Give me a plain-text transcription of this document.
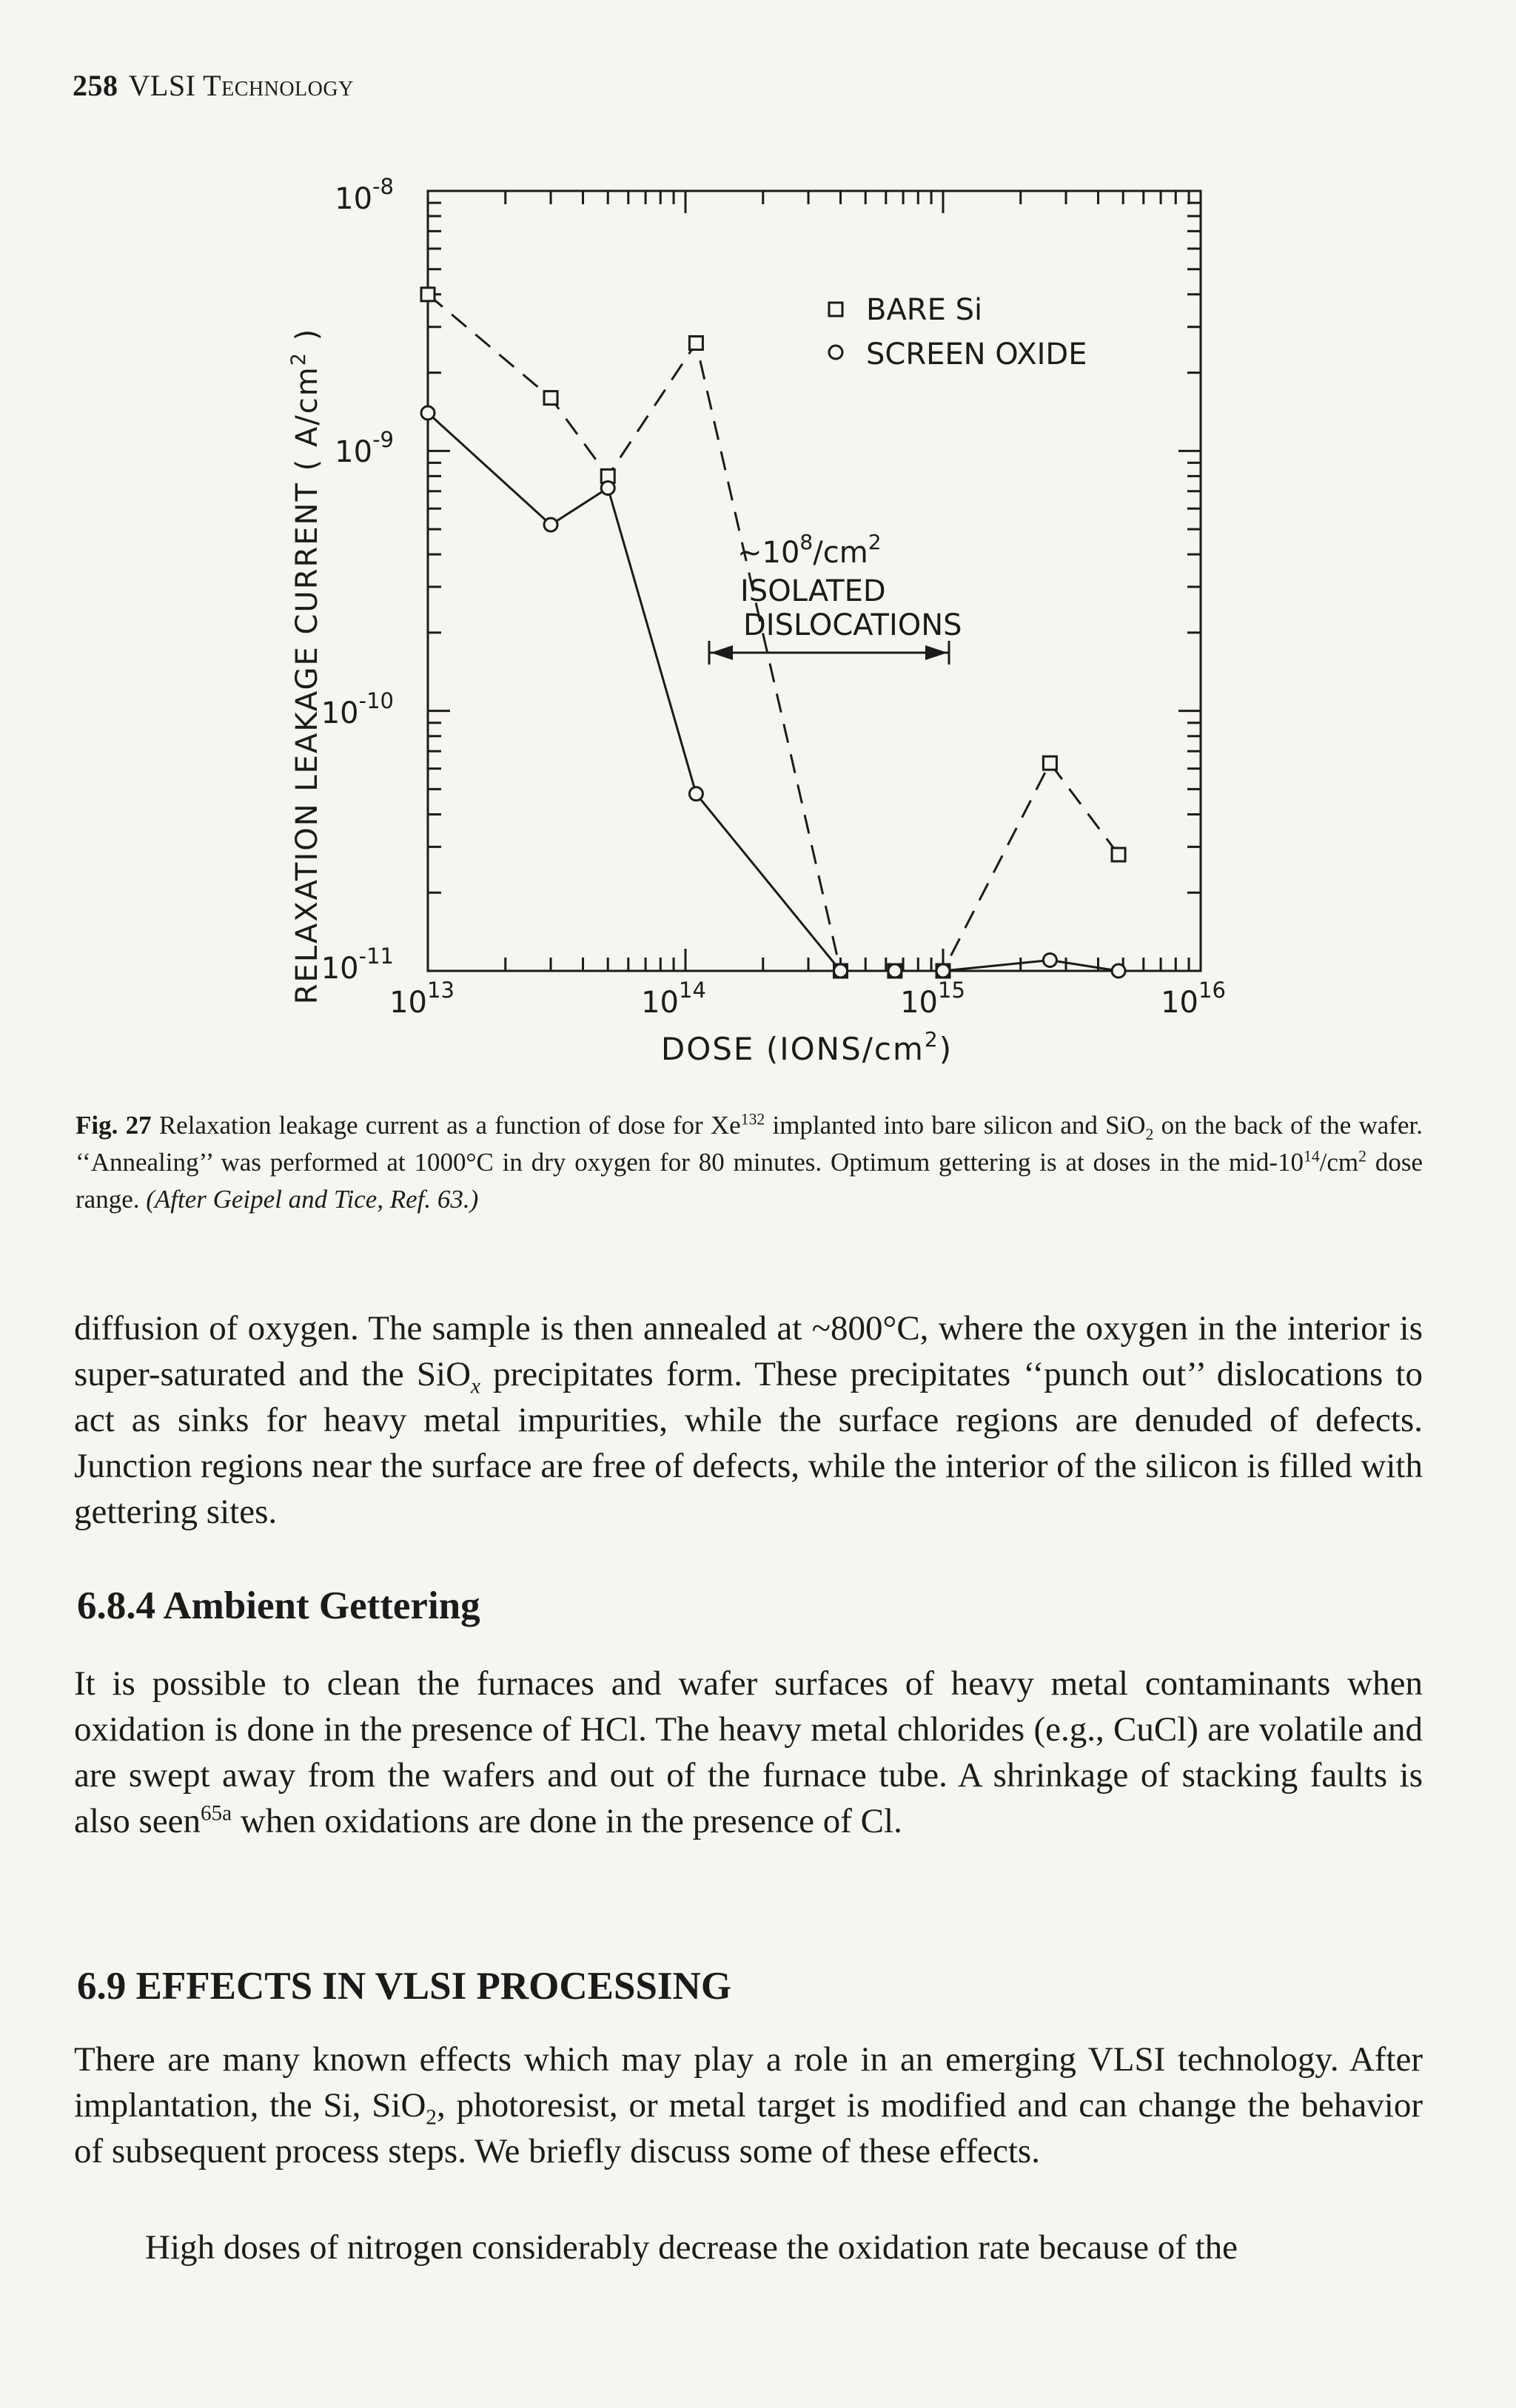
258 VLSI Technology
RELAXATION LEAKAGE CURRENT ( $A/cm^2$ )
$10^{-8}$
$10^{-9}$
$10^{-10}$
$10^{-11}$
$10^{13}$	$10^{14}$	$10^{15}$	$10^{16}$
DOSE $(IONS/cm^2)$
BARE Si
SCREEN OXIDE
$\sim 10^8/cm^2$
ISOLATED
DISLOCATIONS
Fig. 27 Relaxation leakage current as a function of dose for Xe$^{132}$ implanted into bare silicon and SiO$_2$ on the back of the wafer. ‘‘Annealing’’ was performed at 1000°C in dry oxygen for 80 minutes. Optimum gettering is at doses in the mid-$10^{14}/cm^2$ dose range. (After Geipel and Tice, Ref. 63.)

diffusion of oxygen. The sample is then annealed at ~800°C, where the oxygen in the interior is super-saturated and the SiO$_x$ precipitates form. These precipitates ‘‘punch out’’ dislocations to act as sinks for heavy metal impurities, while the surface regions are denuded of defects. Junction regions near the surface are free of defects, while the interior of the silicon is filled with gettering sites.

6.8.4 Ambient Gettering

It is possible to clean the furnaces and wafer surfaces of heavy metal contaminants when oxidation is done in the presence of HCl. The heavy metal chlorides (e.g., CuCl) are volatile and are swept away from the wafers and out of the furnace tube. A shrinkage of stacking faults is also seen$^{65a}$ when oxidations are done in the presence of Cl.

6.9 EFFECTS IN VLSI PROCESSING

There are many known effects which may play a role in an emerging VLSI technology. After implantation, the Si, SiO$_2$, photoresist, or metal target is modified and can change the behavior of subsequent process steps. We briefly discuss some of these effects.

High doses of nitrogen considerably decrease the oxidation rate because of the
